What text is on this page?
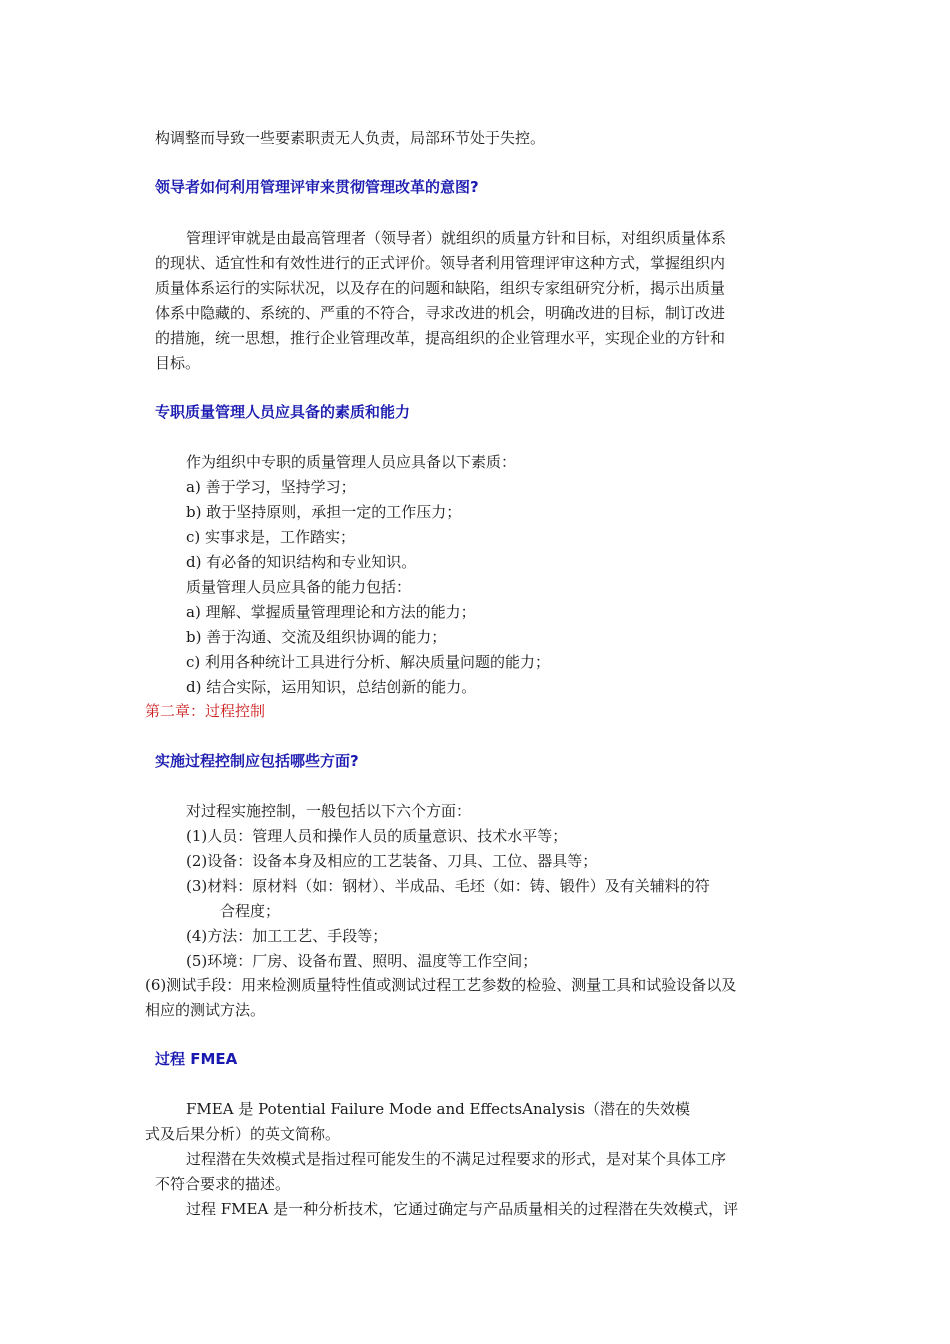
构调整而导致一些要素职责无人负责，局部环节处于失控。
领导者如何利用管理评审来贯彻管理改革的意图?
管理评审就是由最高管理者（领导者）就组织的质量方针和目标，对组织质量体系
的现状、适宜性和有效性进行的正式评价。领导者利用管理评审这种方式，掌握组织内
质量体系运行的实际状况，以及存在的问题和缺陷，组织专家组研究分析，揭示出质量
体系中隐藏的、系统的、严重的不符合，寻求改进的机会，明确改进的目标，制订改进
的措施，统一思想，推行企业管理改革，提高组织的企业管理水平，实现企业的方针和
目标。
专职质量管理人员应具备的素质和能力
作为组织中专职的质量管理人员应具备以下素质：
a) 善于学习，坚持学习；
b) 敢于坚持原则，承担一定的工作压力；
c) 实事求是，工作踏实；
d) 有必备的知识结构和专业知识。
质量管理人员应具备的能力包括：
a) 理解、掌握质量管理理论和方法的能力；
b) 善于沟通、交流及组织协调的能力；
c) 利用各种统计工具进行分析、解决质量问题的能力；
d) 结合实际，运用知识，总结创新的能力。
第二章：过程控制
实施过程控制应包括哪些方面?
对过程实施控制，一般包括以下六个方面：
(1)人员：管理人员和操作人员的质量意识、技术水平等；
(2)设备：设备本身及相应的工艺装备、刀具、工位、器具等；
(3)材料：原材料（如：钢材）、半成品、毛坯（如：铸、锻件）及有关辅料的符
合程度；
(4)方法：加工工艺、手段等；
(5)环境：厂房、设备布置、照明、温度等工作空间；
(6)测试手段：用来检测质量特性值或测试过程工艺参数的检验、测量工具和试验设备以及
相应的测试方法。
过程 FMEA
FMEA 是 Potential Failure Mode and EffectsAnalysis（潜在的失效模
式及后果分析）的英文简称。
过程潜在失效模式是指过程可能发生的不满足过程要求的形式，是对某个具体工序
不符合要求的描述。
过程 FMEA 是一种分析技术，它通过确定与产品质量相关的过程潜在失效模式，评
